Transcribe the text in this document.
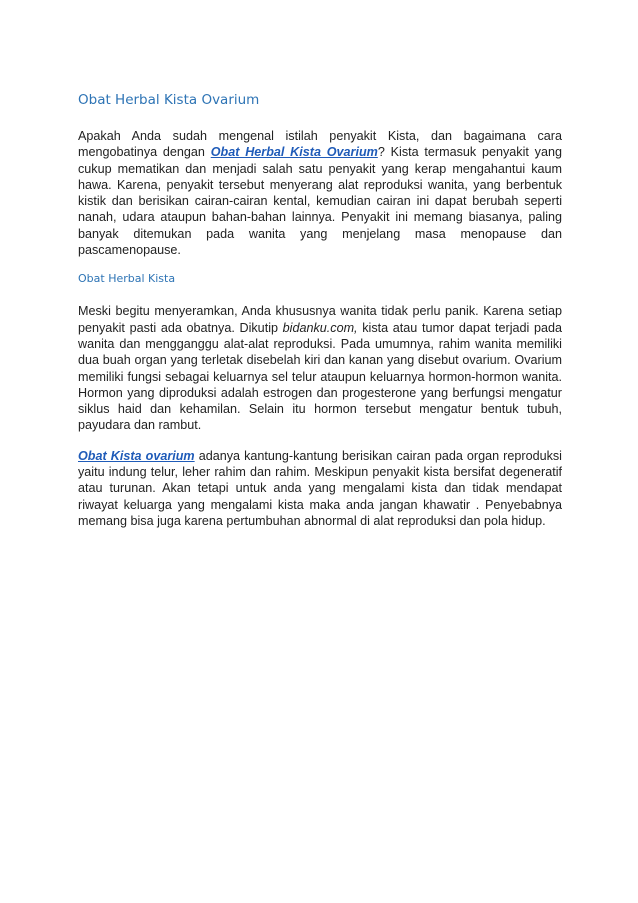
Obat Herbal Kista Ovarium

Apakah Anda sudah mengenal istilah penyakit Kista, dan bagaimana cara mengobatinya dengan Obat Herbal Kista Ovarium? Kista termasuk penyakit yang cukup mematikan dan menjadi salah satu penyakit yang kerap mengahantui kaum hawa. Karena, penyakit tersebut menyerang alat reproduksi wanita, yang berbentuk kistik dan berisikan cairan-cairan kental, kemudian cairan ini dapat berubah seperti nanah, udara ataupun bahan-bahan lainnya. Penyakit ini memang biasanya, paling banyak ditemukan pada wanita yang menjelang masa menopause dan pascamenopause.

Obat Herbal Kista

Meski begitu menyeramkan, Anda khususnya wanita tidak perlu panik. Karena setiap penyakit pasti ada obatnya. Dikutip bidanku.com, kista atau tumor dapat terjadi pada wanita dan mengganggu alat-alat reproduksi. Pada umumnya, rahim wanita memiliki dua buah organ yang terletak disebelah kiri dan kanan yang disebut ovarium. Ovarium memiliki fungsi sebagai keluarnya sel telur ataupun keluarnya hormon-hormon wanita. Hormon yang diproduksi adalah estrogen dan progesterone yang berfungsi mengatur siklus haid dan kehamilan. Selain itu hormon tersebut mengatur bentuk tubuh, payudara dan rambut.

Obat Kista ovarium adanya kantung-kantung berisikan cairan pada organ reproduksi yaitu indung telur, leher rahim dan rahim. Meskipun penyakit kista bersifat degeneratif atau turunan. Akan tetapi untuk anda yang mengalami kista dan tidak mendapat riwayat keluarga yang mengalami kista maka anda jangan khawatir . Penyebabnya memang bisa juga karena pertumbuhan abnormal di alat reproduksi dan pola hidup.
